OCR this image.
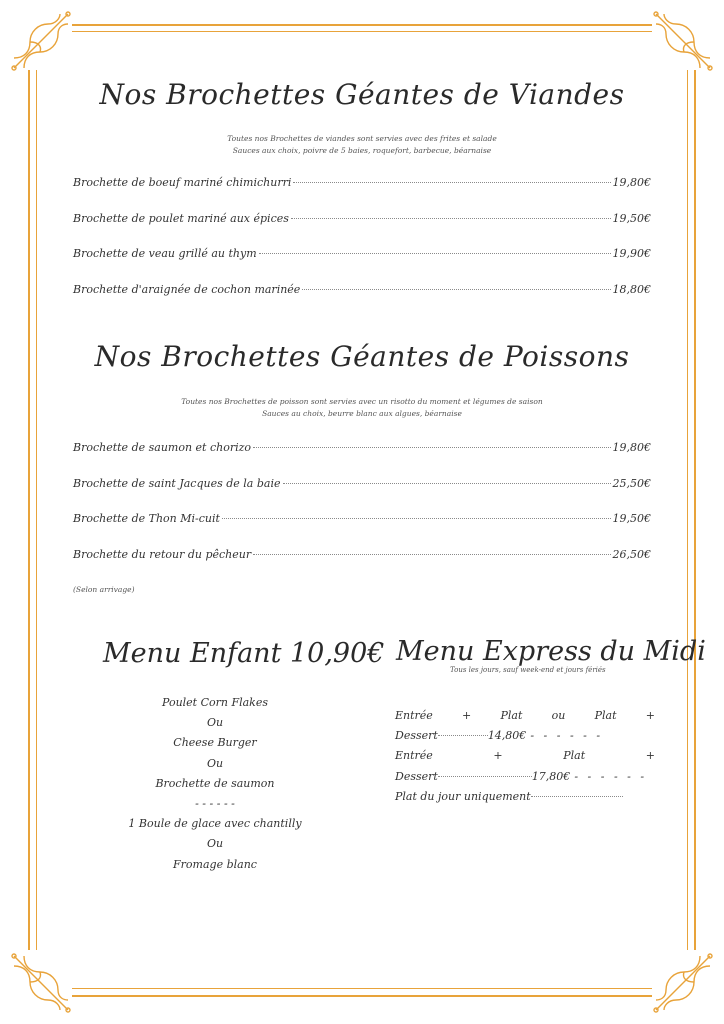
Nos Brochettes Géantes de Viandes
Toutes nos Brochettes de viandes sont servies avec des frites et salade
Sauces aux choix, poivre de 5 baies, roquefort, barbecue, béarnaise
Brochette de boeuf mariné chimichurri	19,80€
Brochette de poulet mariné aux épices	19,50€
Brochette de veau grillé au thym	19,90€
Brochette d'araignée de cochon marinée	18,80€
Nos Brochettes Géantes de Poissons
Toutes nos Brochettes de poisson sont servies avec un risotto du moment et légumes de saison
Sauces au choix, beurre blanc aux algues, béarnaise
Brochette de saumon et chorizo	19,80€
Brochette de saint Jacques de la baie	25,50€
Brochette de Thon Mi-cuit	19,50€
Brochette du retour du pêcheur	26,50€
(Selon arrivage)
Menu Enfant 10,90€
Poulet Corn Flakes
Ou
Cheese Burger
Ou
Brochette de saumon
- - - - - -
1 Boule de glace avec chantilly
Ou
Fromage blanc
Menu Express du Midi
Tous les jours, sauf week-end et jours fériés
Entrée	+	Plat	ou	Plat	+
Dessert	14,80€ - - - - - -
Entrée	+	Plat	+
Dessert	17,80€ - - - - - -
Plat du jour uniquement
